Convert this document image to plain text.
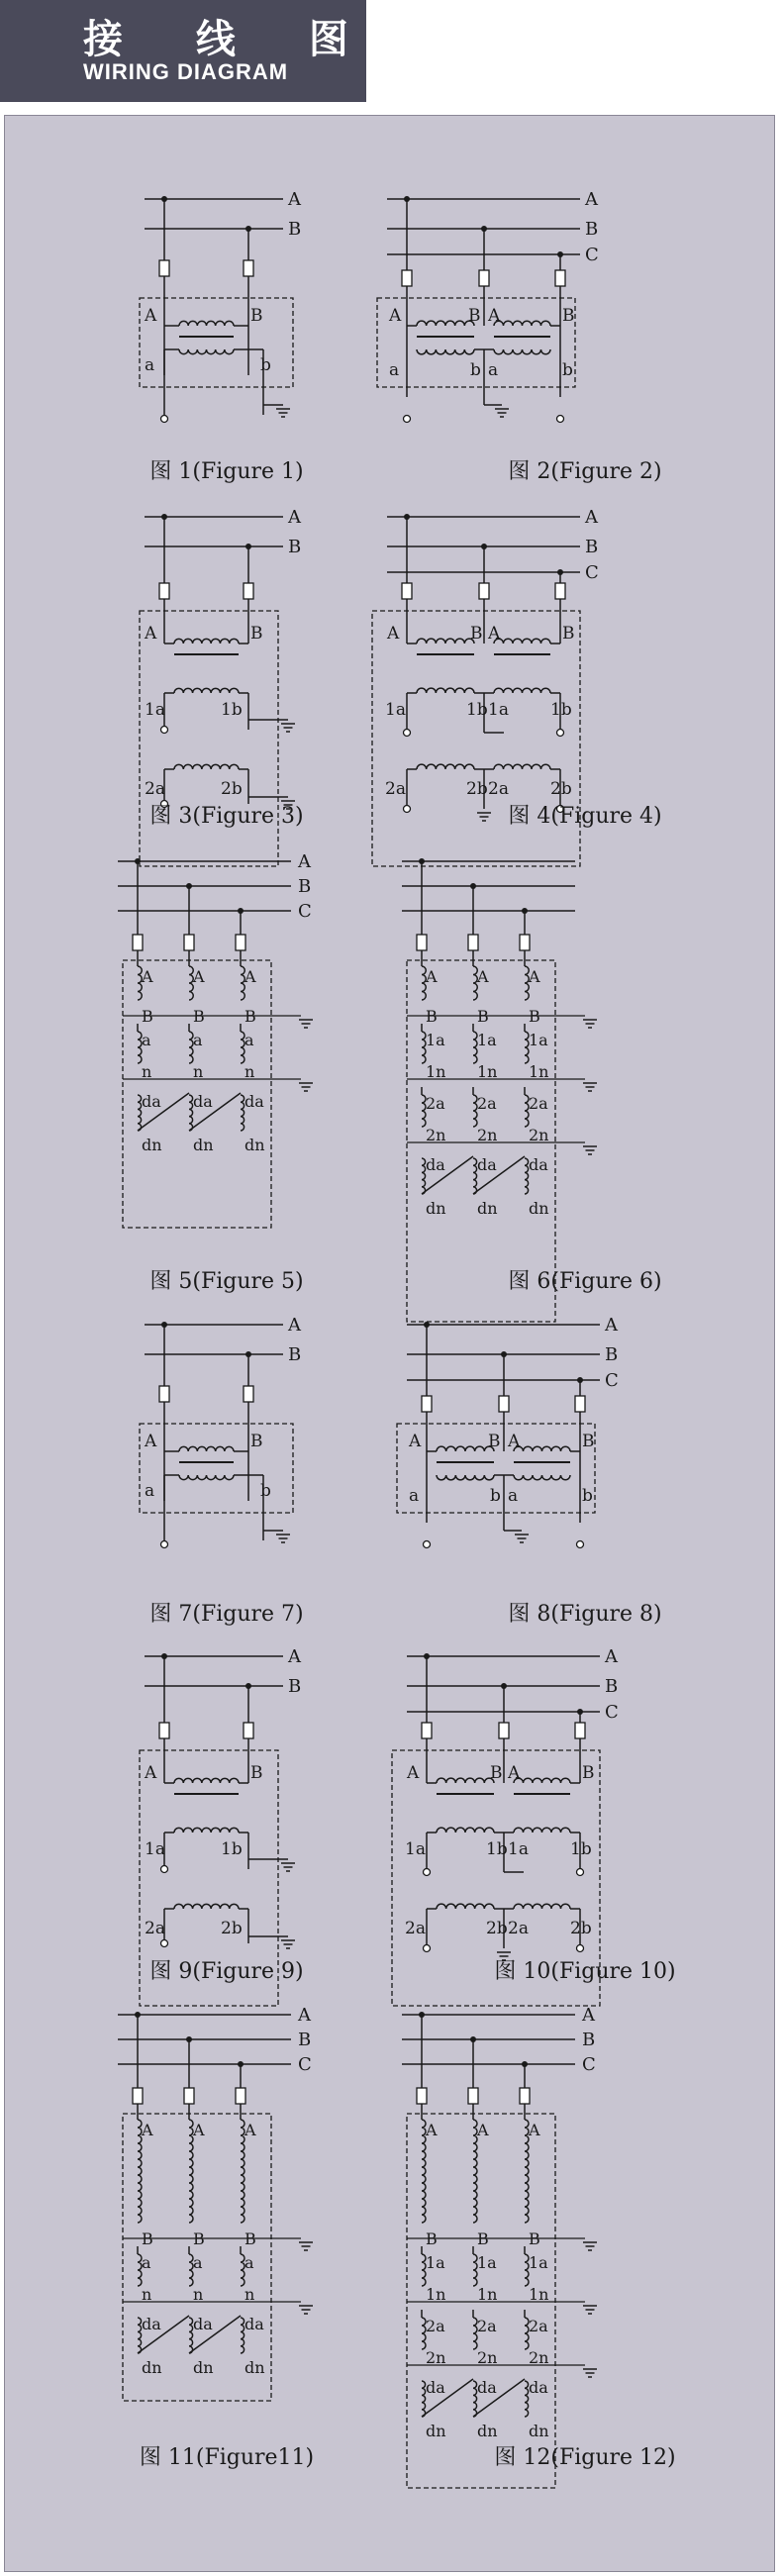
接 线 图
WIRING DIAGRAM
A
B
A	B
a	b
图 1(Figure 1)
A
B
C
A	B A	B
a	b a	b
图 2(Figure 2)
A
B
A	B
1a	1b
2a	2b
图 3(Figure 3)
A
B
C
A	B A	B
1a	1b 1a 1b
2a	2b 2a 2b
图 4(Figure 4)
A
B
C
A
B
a
n
da
dn
A
B
a
n
da
dn
A
B
a
n
da
dn
图 5(Figure 5)
A
B
1a
1n
2a
2n
da
dn
A
B
1a
1n
2a
2n
da
dn
A
B
1a
1n
2a
2n
da
dn
图 6(Figure 6)
A
B
A	B
a	b
图 7(Figure 7)
A
B
C
A	B A	B
a	b a	b
图 8(Figure 8)
A
B
A	B
1a	1b
2a	2b
图 9(Figure 9)
A
B
C
A	B A	B
1a	1b 1a 1b
2a	2b 2a 2b
图 10(Figure 10)
A
B
C
A
B
a
n
da
dn
A
B
a
n
da
dn
A
B
a
n
da
dn
图 11(Figure11)
A
B
C
A
B
1a
1n
2a
2n
da
dn
A
B
1a
1n
2a
2n
da
dn
A
B
1a
1n
2a
2n
da
dn
图 12(Figure 12)
